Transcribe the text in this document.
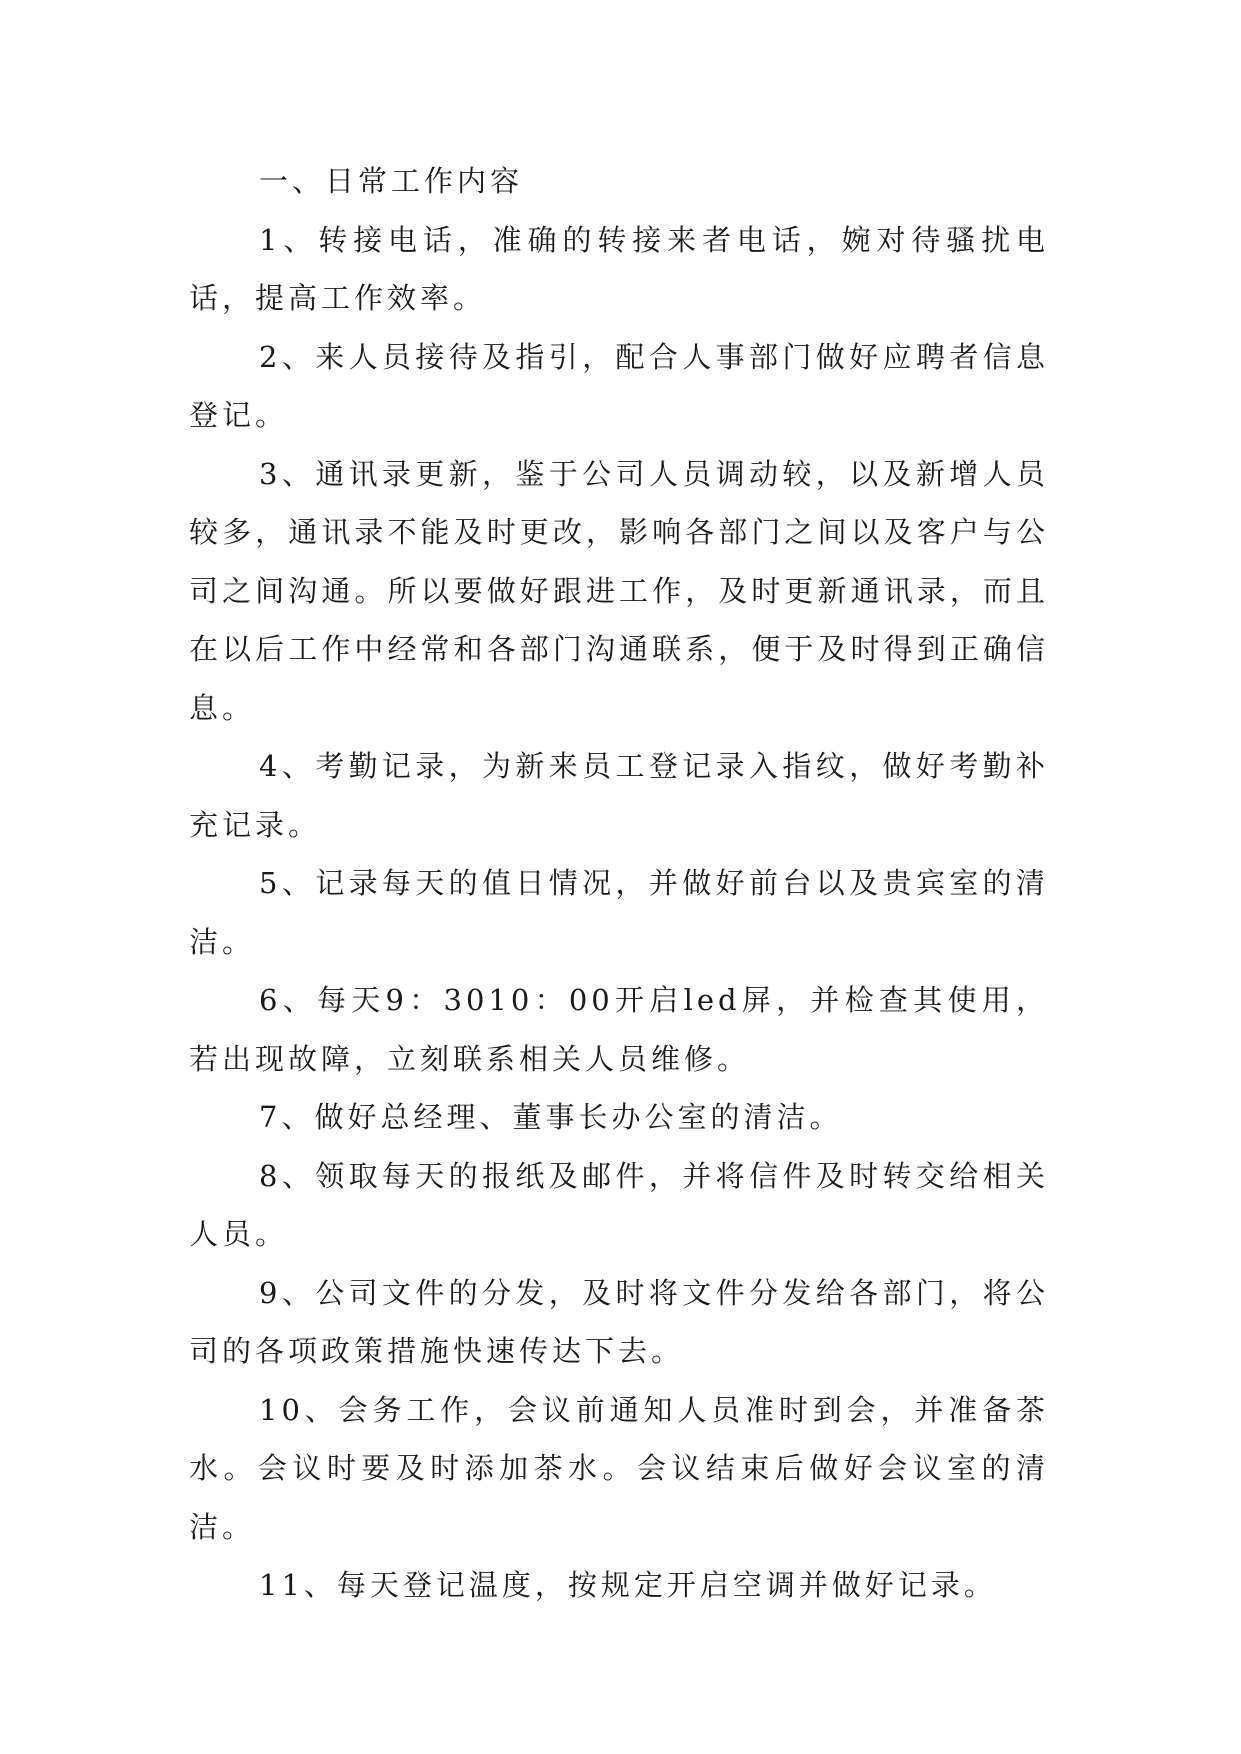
一、日常工作内容

1、转接电话，准确的转接来者电话，婉对待骚扰电话，提高工作效率。

2、来人员接待及指引，配合人事部门做好应聘者信息登记。

3、通讯录更新，鉴于公司人员调动较，以及新增人员较多，通讯录不能及时更改，影响各部门之间以及客户与公司之间沟通。所以要做好跟进工作，及时更新通讯录，而且在以后工作中经常和各部门沟通联系，便于及时得到正确信息。

4、考勤记录，为新来员工登记录入指纹，做好考勤补充记录。

5、记录每天的值日情况，并做好前台以及贵宾室的清洁。

6、每天9：3010：00开启led屏，并检查其使用，若出现故障，立刻联系相关人员维修。

7、做好总经理、董事长办公室的清洁。

8、领取每天的报纸及邮件，并将信件及时转交给相关人员。

9、公司文件的分发，及时将文件分发给各部门，将公司的各项政策措施快速传达下去。

10、会务工作，会议前通知人员准时到会，并准备茶水。会议时要及时添加茶水。会议结束后做好会议室的清洁。

11、每天登记温度，按规定开启空调并做好记录。
